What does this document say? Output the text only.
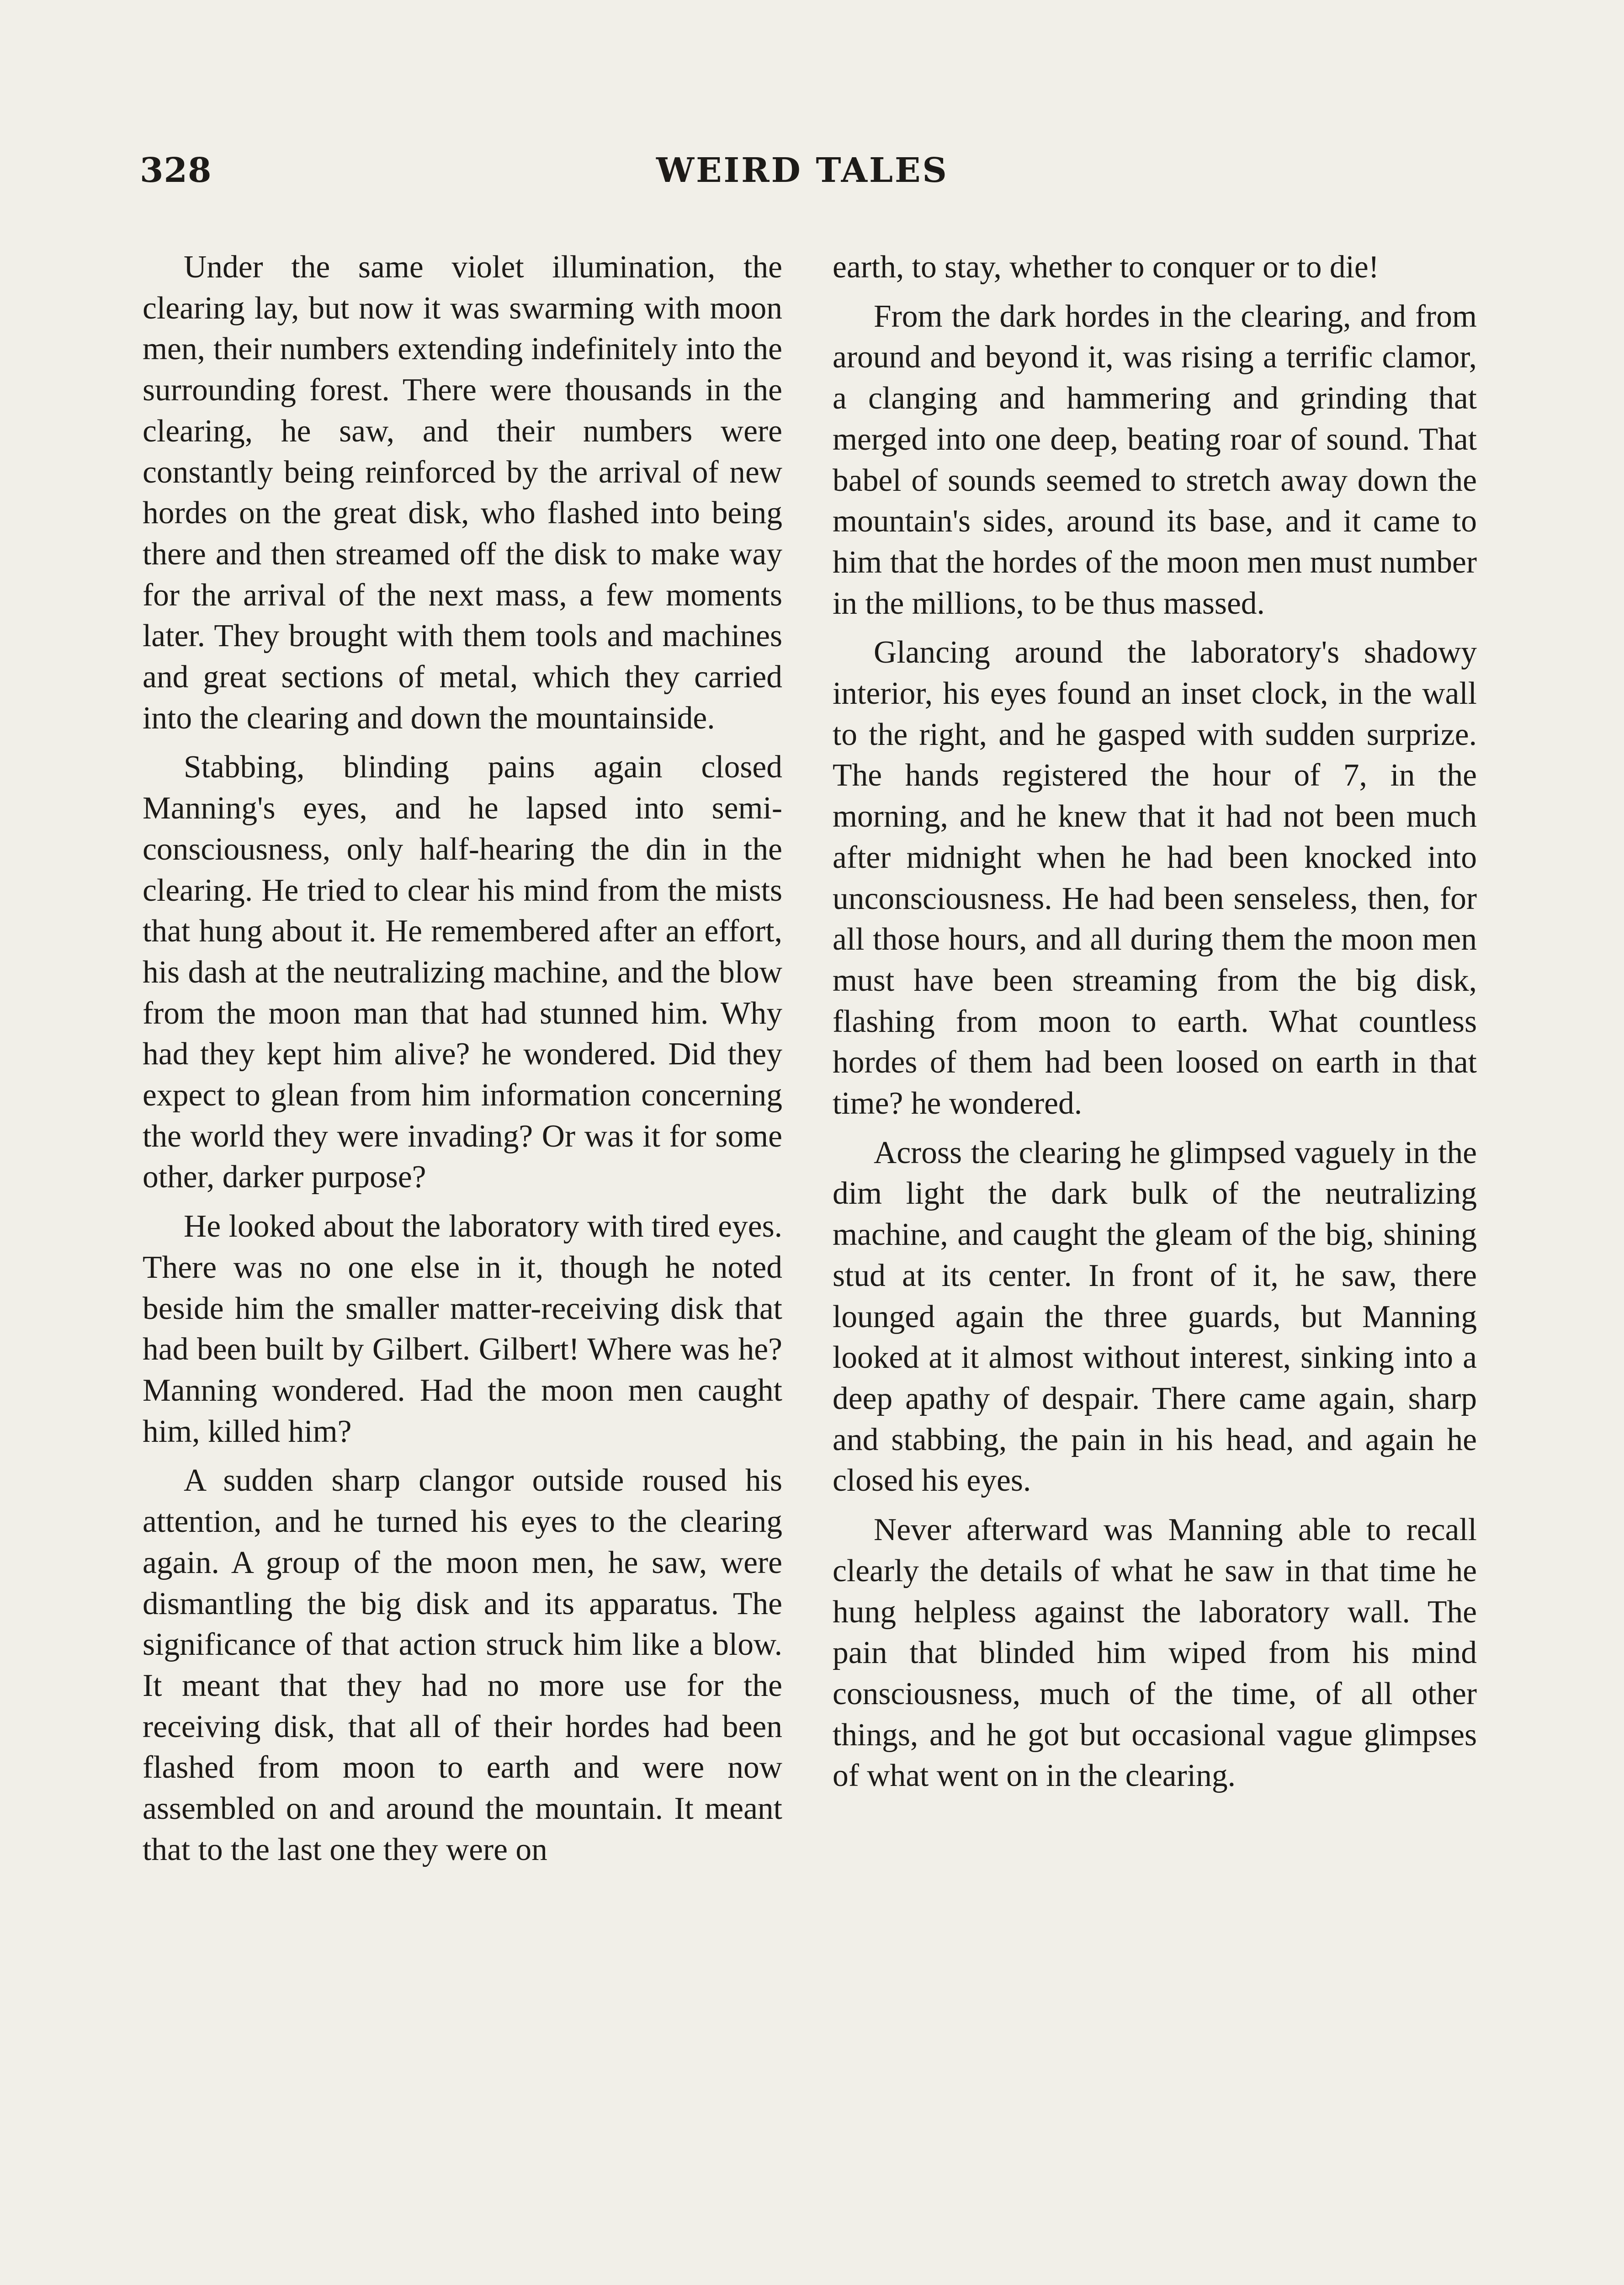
328	WEIRD TALES

Under the same violet illumination, the clearing lay, but now it was swarming with moon men, their numbers extending indefinitely into the surrounding forest. There were thousands in the clearing, he saw, and their numbers were constantly being reinforced by the arrival of new hordes on the great disk, who flashed into being there and then streamed off the disk to make way for the arrival of the next mass, a few moments later. They brought with them tools and machines and great sections of metal, which they carried into the clearing and down the mountainside.

Stabbing, blinding pains again closed Manning's eyes, and he lapsed into semi-consciousness, only half-hearing the din in the clearing. He tried to clear his mind from the mists that hung about it. He remembered after an effort, his dash at the neutralizing machine, and the blow from the moon man that had stunned him. Why had they kept him alive? he wondered. Did they expect to glean from him information concerning the world they were invading? Or was it for some other, darker purpose?

He looked about the laboratory with tired eyes. There was no one else in it, though he noted beside him the smaller matter-receiving disk that had been built by Gilbert. Gilbert! Where was he? Manning wondered. Had the moon men caught him, killed him?

A sudden sharp clangor outside roused his attention, and he turned his eyes to the clearing again. A group of the moon men, he saw, were dismantling the big disk and its apparatus. The significance of that action struck him like a blow. It meant that they had no more use for the receiving disk, that all of their hordes had been flashed from moon to earth and were now assembled on and around the mountain. It meant that to the last one they were on

earth, to stay, whether to conquer or to die!

From the dark hordes in the clearing, and from around and beyond it, was rising a terrific clamor, a clanging and hammering and grinding that merged into one deep, beating roar of sound. That babel of sounds seemed to stretch away down the mountain's sides, around its base, and it came to him that the hordes of the moon men must number in the millions, to be thus massed.

Glancing around the laboratory's shadowy interior, his eyes found an inset clock, in the wall to the right, and he gasped with sudden surprize. The hands registered the hour of 7, in the morning, and he knew that it had not been much after midnight when he had been knocked into unconsciousness. He had been senseless, then, for all those hours, and all during them the moon men must have been streaming from the big disk, flashing from moon to earth. What countless hordes of them had been loosed on earth in that time? he wondered.

Across the clearing he glimpsed vaguely in the dim light the dark bulk of the neutralizing machine, and caught the gleam of the big, shining stud at its center. In front of it, he saw, there lounged again the three guards, but Manning looked at it almost without interest, sinking into a deep apathy of despair. There came again, sharp and stabbing, the pain in his head, and again he closed his eyes.

Never afterward was Manning able to recall clearly the details of what he saw in that time he hung helpless against the laboratory wall. The pain that blinded him wiped from his mind consciousness, much of the time, of all other things, and he got but occasional vague glimpses of what went on in the clearing.
